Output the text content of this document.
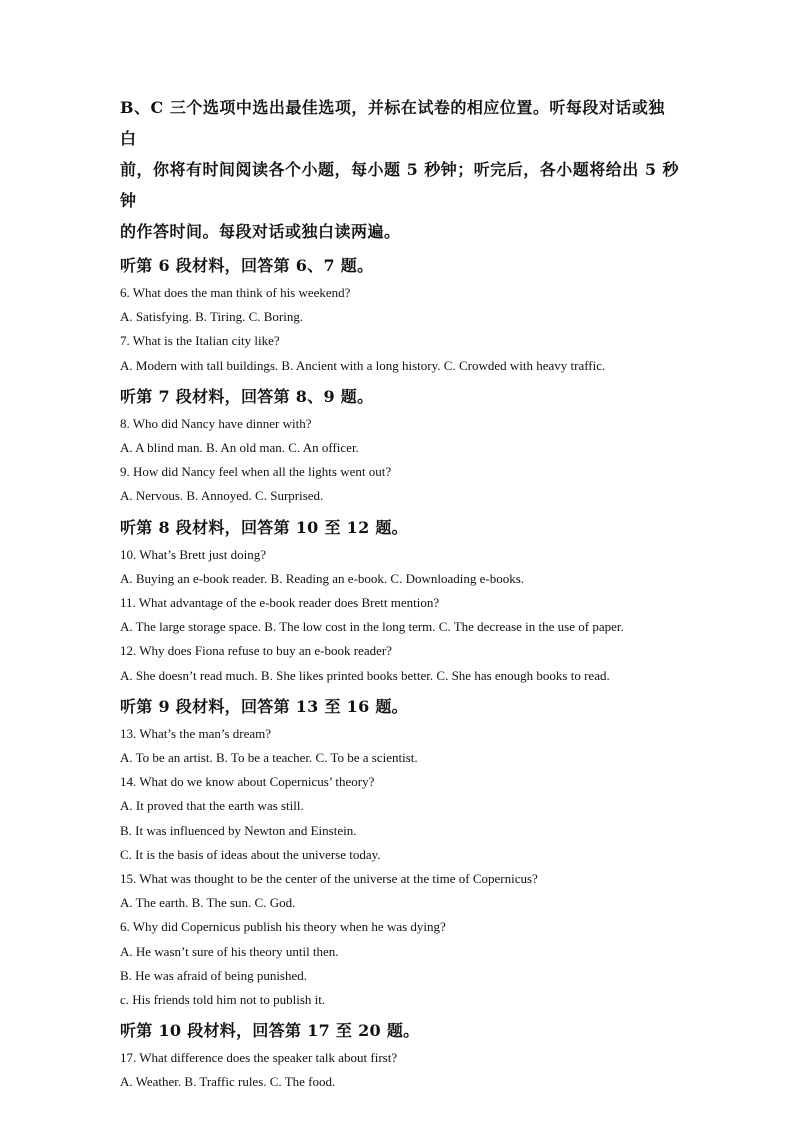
B、C 三个选项中选出最佳选项，并标在试卷的相应位置。听每段对话或独白

前，你将有时间阅读各个小题，每小题 5 秒钟；听完后，各小题将给出 5 秒钟

的作答时间。每段对话或独白读两遍。

听第 6 段材料，回答第 6、7 题。

6. What does the man think of his weekend?

A. Satisfying. B. Tiring. C. Boring.

7. What is the Italian city like?

A. Modern with tall buildings. B. Ancient with a long history. C. Crowded with heavy traffic.

听第 7 段材料，回答第 8、9 题。

8. Who did Nancy have dinner with?

A. A blind man. B. An old man. C. An officer.

9. How did Nancy feel when all the lights went out?

A. Nervous. B. Annoyed. C. Surprised.

听第 8 段材料，回答第 10 至 12 题。

10. What’s Brett just doing?

A. Buying an e-book reader. B. Reading an e-book. C. Downloading e-books.

11. What advantage of the e-book reader does Brett mention?

A. The large storage space. B. The low cost in the long term. C. The decrease in the use of paper.

12. Why does Fiona refuse to buy an e-book reader?

A. She doesn’t read much. B. She likes printed books better. C. She has enough books to read.

听第 9 段材料，回答第 13 至 16 题。

13. What’s the man’s dream?

A. To be an artist. B. To be a teacher. C. To be a scientist.

14. What do we know about Copernicus’ theory?

A. It proved that the earth was still.

B. It was influenced by Newton and Einstein.

C. It is the basis of ideas about the universe today.

15. What was thought to be the center of the universe at the time of Copernicus?

A. The earth. B. The sun. C. God.

6. Why did Copernicus publish his theory when he was dying?

A. He wasn’t sure of his theory until then.

B. He was afraid of being punished.

c. His friends told him not to publish it.

听第 10 段材料，回答第 17 至 20 题。

17. What difference does the speaker talk about first?

A. Weather. B. Traffic rules. C. The food.
